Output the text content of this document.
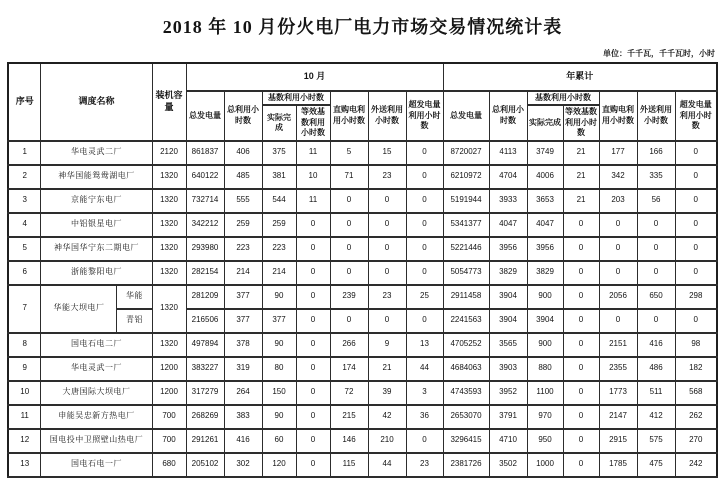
2018 年 10 月份火电厂电力市场交易情况统计表
单位：千千瓦，千千瓦时，小时
序号	调度名称		装机容量	10 月							年累计						
				总发电量	总利用小时数	基数利用小时数		直购电利用小时数	外送利用小时数	超发电量利用小时数	总发电量	总利用小时数	基数利用小时数		直购电利用小时数	外送利用小时数	超发电量利用小时数
						实际完成	等效基数利用小时数						实际完成	等效基数利用小时数			
1	华电灵武二厂		2120	861837	406	375	11	5	15	0	8720027	4113	3749	21	177	166	0
2	神华国能鸳鸯湖电厂		1320	640122	485	381	10	71	23	0	6210972	4704	4006	21	342	335	0
3	京能宁东电厂		1320	732714	555	544	11	0	0	0	5191944	3933	3653	21	203	56	0
4	中铝银星电厂		1320	342212	259	259	0	0	0	0	5341377	4047	4047	0	0	0	0
5	神华国华宁东二期电厂		1320	293980	223	223	0	0	0	0	5221446	3956	3956	0	0	0	0
6	浙能黎阳电厂		1320	282154	214	214	0	0	0	0	5054773	3829	3829	0	0	0	0
7	华能大坝电厂	华能	1320	281209	377	90	0	239	23	25	2911458	3904	900	0	2056	650	298
		青铝		216506	377	377	0	0	0	0	2241563	3904	3904	0	0	0	0
8	国电石电二厂		1320	497894	378	90	0	266	9	13	4705252	3565	900	0	2151	416	98
9	华电灵武一厂		1200	383227	319	80	0	174	21	44	4684063	3903	880	0	2355	486	182
10	大唐国际大坝电厂		1200	317279	264	150	0	72	39	3	4743593	3952	1100	0	1773	511	568
11	申能吴忠新方热电厂		700	268269	383	90	0	215	42	36	2653070	3791	970	0	2147	412	262
12	国电投中卫照壁山热电厂		700	291261	416	60	0	146	210	0	3296415	4710	950	0	2915	575	270
13	国电石电一厂		680	205102	302	120	0	115	44	23	2381726	3502	1000	0	1785	475	242
